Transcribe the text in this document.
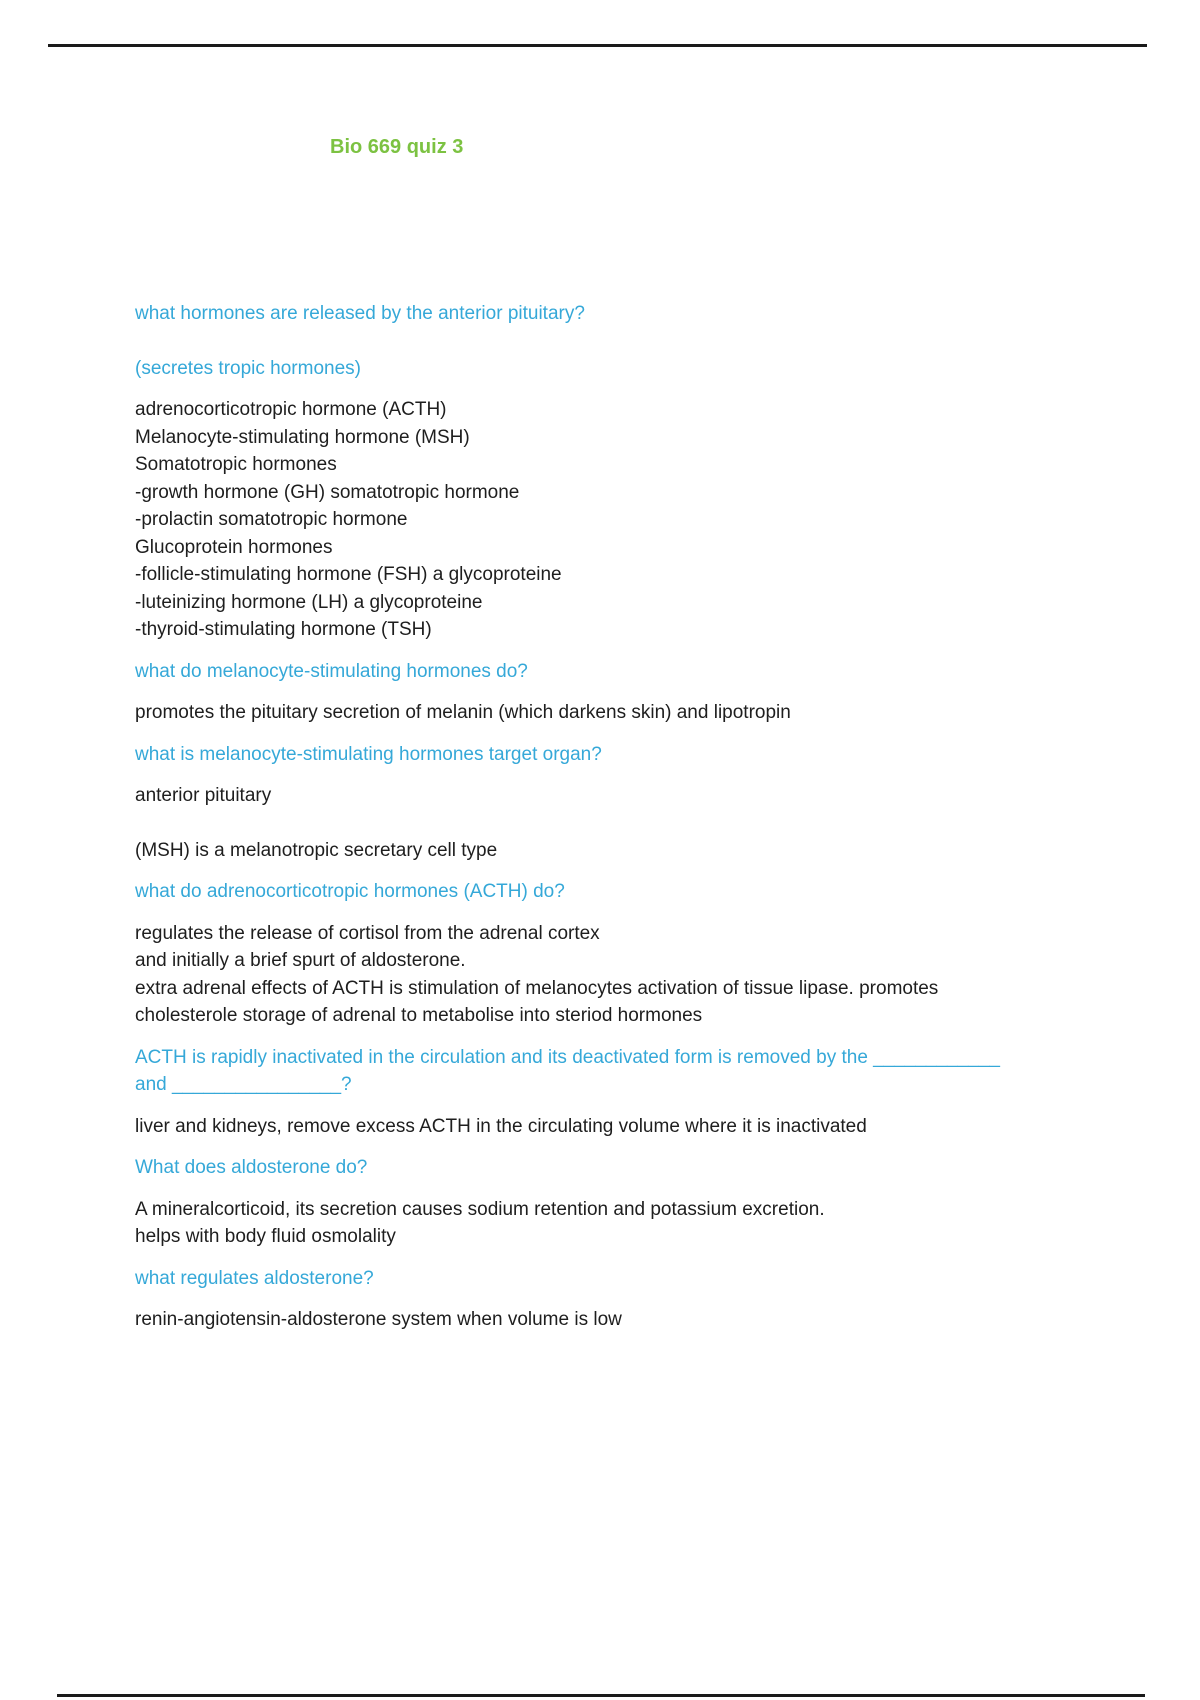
Bio 669 quiz 3
what hormones are released by the anterior pituitary?
(secretes tropic hormones)
adrenocorticotropic hormone (ACTH)
Melanocyte-stimulating hormone (MSH)
Somatotropic hormones
-growth hormone (GH) somatotropic hormone
-prolactin somatotropic hormone
Glucoprotein hormones
-follicle-stimulating hormone (FSH) a glycoproteine
-luteinizing hormone (LH) a glycoproteine
-thyroid-stimulating hormone (TSH)
what do melanocyte-stimulating hormones do?
promotes the pituitary secretion of melanin (which darkens skin) and lipotropin
what is melanocyte-stimulating hormones target organ?
anterior pituitary
(MSH) is a melanotropic secretary cell type
what do adrenocorticotropic hormones (ACTH) do?
regulates the release of cortisol from the adrenal cortex
and initially a brief spurt of aldosterone.
extra adrenal effects of ACTH is stimulation of melanocytes activation of tissue lipase. promotes
cholesterole storage of adrenal to metabolise into steriod hormones
ACTH is rapidly inactivated in the circulation and its deactivated form is removed by the ____________
and ________________?
liver and kidneys, remove excess ACTH in the circulating volume where it is inactivated
What does aldosterone do?
A mineralcorticoid, its secretion causes sodium retention and potassium excretion.
helps with body fluid osmolality
what regulates aldosterone?
renin-angiotensin-aldosterone system when volume is low
